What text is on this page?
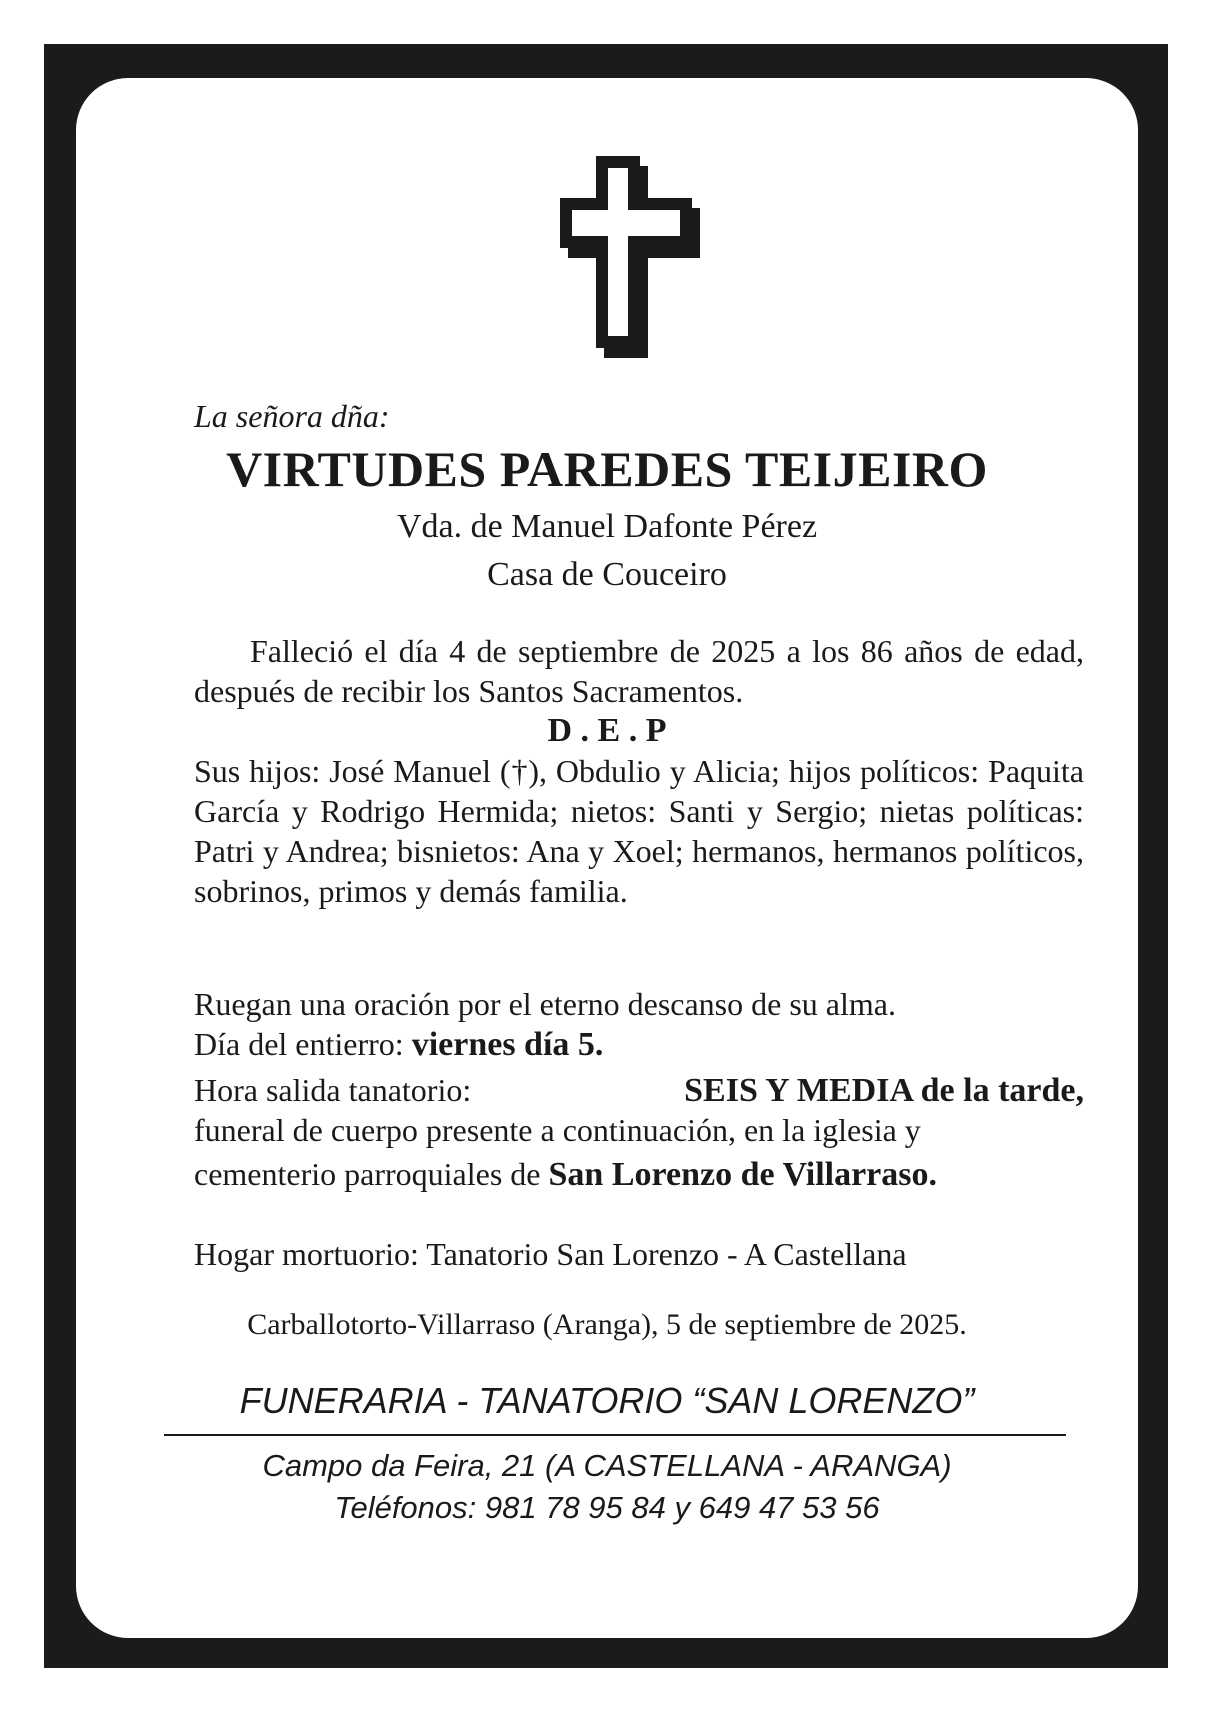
La señora dña:

VIRTUDES PAREDES TEIJEIRO

Vda. de Manuel Dafonte Pérez

Casa de Couceiro

Falleció el día 4 de septiembre de 2025 a los 86 años de edad, después de recibir los Santos Sacramentos.

D . E . P

Sus hijos: José Manuel (†), Obdulio y Alicia; hijos políticos: Paquita García y Rodrigo Hermida; nietos: Santi y Sergio; nietas políticas: Patri y Andrea; bisnietos: Ana y Xoel; hermanos, hermanos políticos, sobrinos, primos y demás familia.

Ruegan una oración por el eterno descanso de su alma.

Día del entierro: viernes día 5.

Hora salida tanatorio:	SEIS Y MEDIA de la tarde,

funeral de cuerpo presente a continuación, en la iglesia y

cementerio parroquiales de San Lorenzo de Villarraso.

Hogar mortuorio: Tanatorio San Lorenzo - A Castellana

Carballotorto-Villarraso (Aranga), 5 de septiembre de 2025.

FUNERARIA - TANATORIO “SAN LORENZO”

Campo da Feira, 21 (A CASTELLANA - ARANGA)

Teléfonos: 981 78 95 84 y 649 47 53 56
